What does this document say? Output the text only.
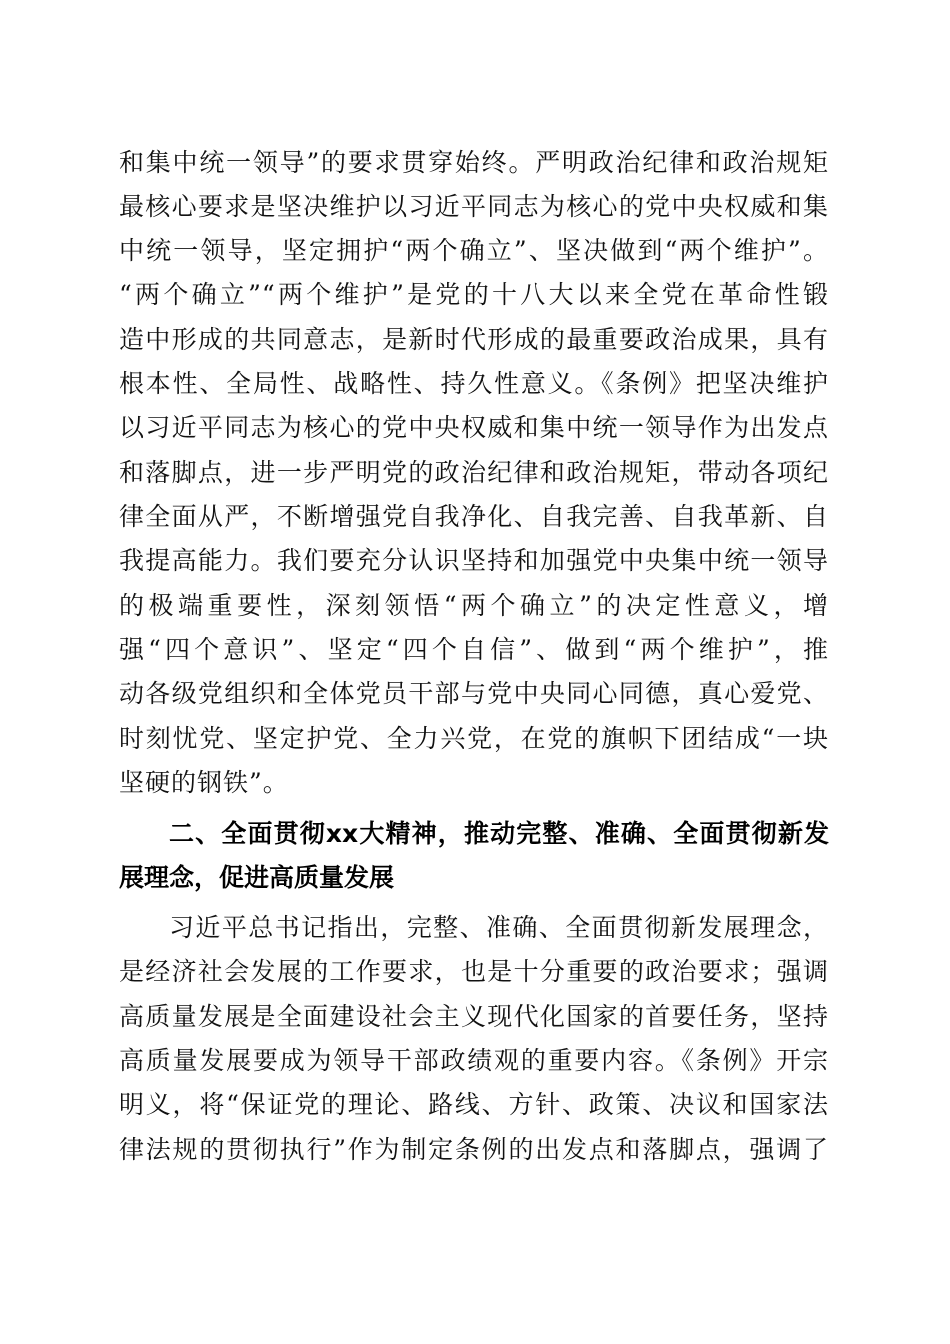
和集中统一领导”的要求贯穿始终。严明政治纪律和政治规矩
最核心要求是坚决维护以习近平同志为核心的党中央权威和集
中统一领导，坚定拥护“两个确立”、坚决做到“两个维护”。
“两个确立”“两个维护”是党的十八大以来全党在革命性锻
造中形成的共同意志，是新时代形成的最重要政治成果，具有
根本性、全局性、战略性、持久性意义。《条例》把坚决维护
以习近平同志为核心的党中央权威和集中统一领导作为出发点
和落脚点，进一步严明党的政治纪律和政治规矩，带动各项纪
律全面从严，不断增强党自我净化、自我完善、自我革新、自
我提高能力。我们要充分认识坚持和加强党中央集中统一领导
的极端重要性，深刻领悟“两个确立”的决定性意义，增
强“四个意识”、坚定“四个自信”、做到“两个维护”，推
动各级党组织和全体党员干部与党中央同心同德，真心爱党、
时刻忧党、坚定护党、全力兴党，在党的旗帜下团结成“一块
坚硬的钢铁”。
二、全面贯彻xx大精神，推动完整、准确、全面贯彻新发
展理念，促进高质量发展
习近平总书记指出，完整、准确、全面贯彻新发展理念，
是经济社会发展的工作要求，也是十分重要的政治要求；强调
高质量发展是全面建设社会主义现代化国家的首要任务，坚持
高质量发展要成为领导干部政绩观的重要内容。《条例》开宗
明义，将“保证党的理论、路线、方针、政策、决议和国家法
律法规的贯彻执行”作为制定条例的出发点和落脚点，强调了
